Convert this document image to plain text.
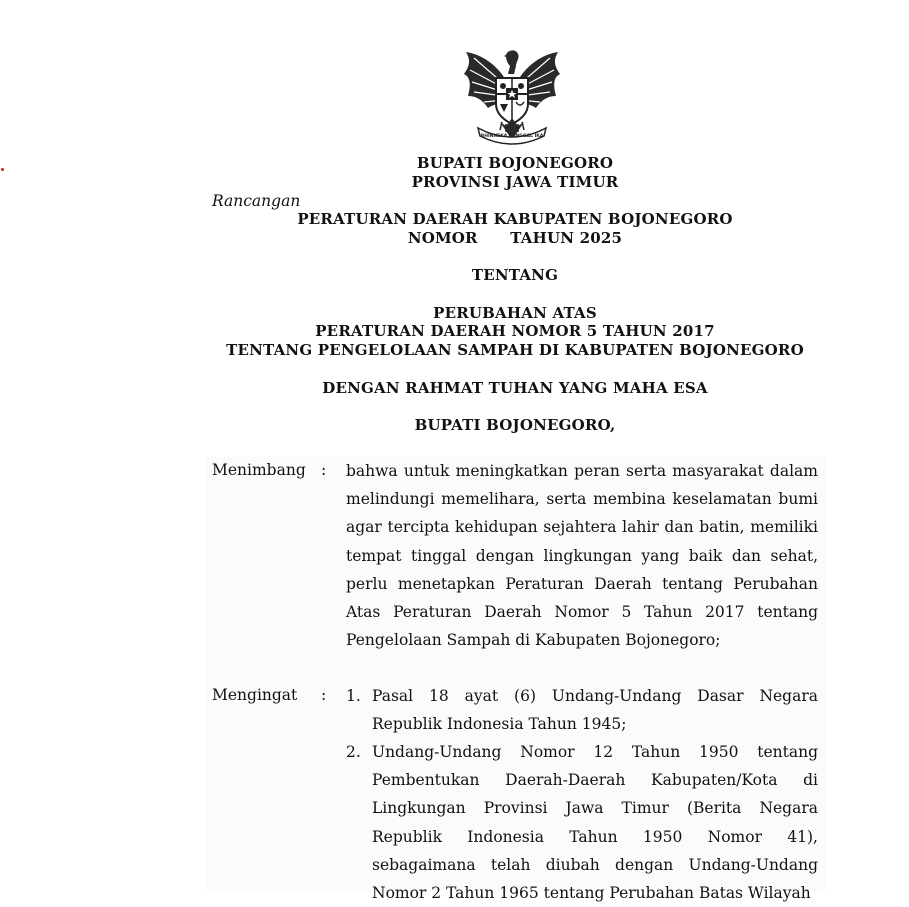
BHINNEKA TUNGGAL IKA
BUPATI BOJONEGORO
PROVINSI JAWA TIMUR
PERATURAN DAERAH KABUPATEN BOJONEGORO
NOMOR      TAHUN 2025
TENTANG
PERUBAHAN ATAS
PERATURAN DAERAH NOMOR 5 TAHUN 2017
TENTANG PENGELOLAAN SAMPAH DI KABUPATEN BOJONEGORO
DENGAN RAHMAT TUHAN YANG MAHA ESA
BUPATI BOJONEGORO,
Rancangan
Menimbang : bahwa untuk meningkatkan peran serta masyarakat dalam melindungi memelihara, serta membina keselamatan bumi agar tercipta kehidupan sejahtera lahir dan batin, memiliki tempat tinggal dengan lingkungan yang baik dan sehat, perlu menetapkan Peraturan Daerah tentang Perubahan Atas Peraturan Daerah Nomor 5 Tahun 2017 tentang Pengelolaan Sampah di Kabupaten Bojonegoro;
Mengingat : 1. Pasal 18 ayat (6) Undang-Undang Dasar Negara Republik Indonesia Tahun 1945;
2. Undang-Undang Nomor 12 Tahun 1950 tentang Pembentukan Daerah-Daerah Kabupaten/Kota di Lingkungan Provinsi Jawa Timur (Berita Negara Republik Indonesia Tahun 1950 Nomor 41), sebagaimana telah diubah dengan Undang-Undang Nomor 2 Tahun 1965 tentang Perubahan Batas Wilayah
